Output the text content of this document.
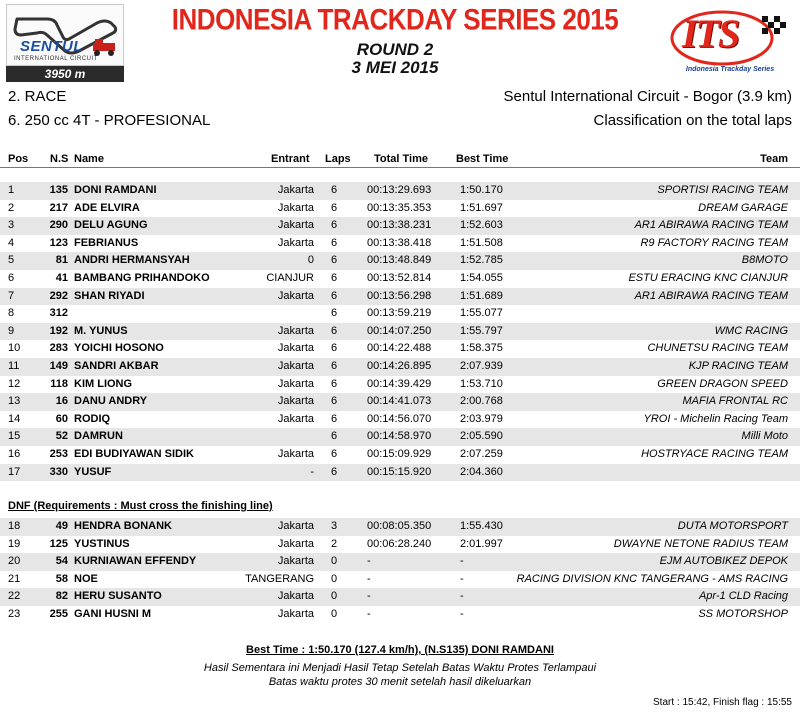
SENTUL
INTERNATIONAL CIRCUIT
3950 m
INDONESIA TRACKDAY SERIES 2015
ROUND 2
3 MEI 2015
ITS
Indonesia Trackday Series
2. RACE
6. 250 cc 4T - PROFESIONAL
Sentul International Circuit - Bogor (3.9 km)
Classification on the total laps
Pos N.S Name	Entrant Laps Total Time	Best Time	Team
1	135 DONI RAMDANI	Jakarta 6	00:13:29.693	1:50.170	SPORTISI RACING TEAM
2	217 ADE ELVIRA	Jakarta 6	00:13:35.353	1:51.697	DREAM GARAGE
3	290 DELU AGUNG	Jakarta 6	00:13:38.231	1:52.603	AR1 ABIRAWA RACING TEAM
4	123 FEBRIANUS	Jakarta 6	00:13:38.418	1:51.508	R9 FACTORY RACING TEAM
5	81 ANDRI HERMANSYAH	0 6	00:13:48.849	1:52.785	B8MOTO
6	41 BAMBANG PRIHANDOKO	CIANJUR 6	00:13:52.814	1:54.055	ESTU ERACING KNC CIANJUR
7	292 SHAN RIYADI	Jakarta 6	00:13:56.298	1:51.689	AR1 ABIRAWA RACING TEAM
8	312	6	00:13:59.219	1:55.077
9	192 M. YUNUS	Jakarta 6	00:14:07.250	1:55.797	WMC RACING
10	283 YOICHI HOSONO	Jakarta 6	00:14:22.488	1:58.375	CHUNETSU RACING TEAM
11	149 SANDRI AKBAR	Jakarta 6	00:14:26.895	2:07.939	KJP RACING TEAM
12	118 KIM LIONG	Jakarta 6	00:14:39.429	1:53.710	GREEN DRAGON SPEED
13	16 DANU ANDRY	Jakarta 6	00:14:41.073	2:00.768	MAFIA FRONTAL RC
14	60 RODIQ	Jakarta 6	00:14:56.070	2:03.979	YROI - Michelin Racing Team
15	52 DAMRUN	6	00:14:58.970	2:05.590	Milli Moto
16	253 EDI BUDIYAWAN SIDIK	Jakarta 6	00:15:09.929	2:07.259	HOSTRYACE RACING TEAM
17	330 YUSUF	- 6	00:15:15.920	2:04.360
DNF (Requirements : Must cross the finishing line)
18	49 HENDRA BONANK	Jakarta 3	00:08:05.350	1:55.430	DUTA MOTORSPORT
19	125 YUSTINUS	Jakarta 2	00:06:28.240	2:01.997	DWAYNE NETONE RADIUS TEAM
20	54 KURNIAWAN EFFENDY	Jakarta 0	-	-	EJM AUTOBIKEZ DEPOK
21	58 NOE	TANGERANG 0	-	-	RACING DIVISION KNC TANGERANG - AMS RACING
22	82 HERU SUSANTO	Jakarta 0	-	-	Apr-1 CLD Racing
23	255 GANI HUSNI M	Jakarta 0	-	-	SS MOTORSHOP
Best Time : 1:50.170 (127.4 km/h), (N.S135) DONI RAMDANI
Hasil Sementara ini Menjadi Hasil Tetap Setelah Batas Waktu Protes Terlampaui
Batas waktu protes 30 menit setelah hasil dikeluarkan
Start : 15:42, Finish flag : 15:55
